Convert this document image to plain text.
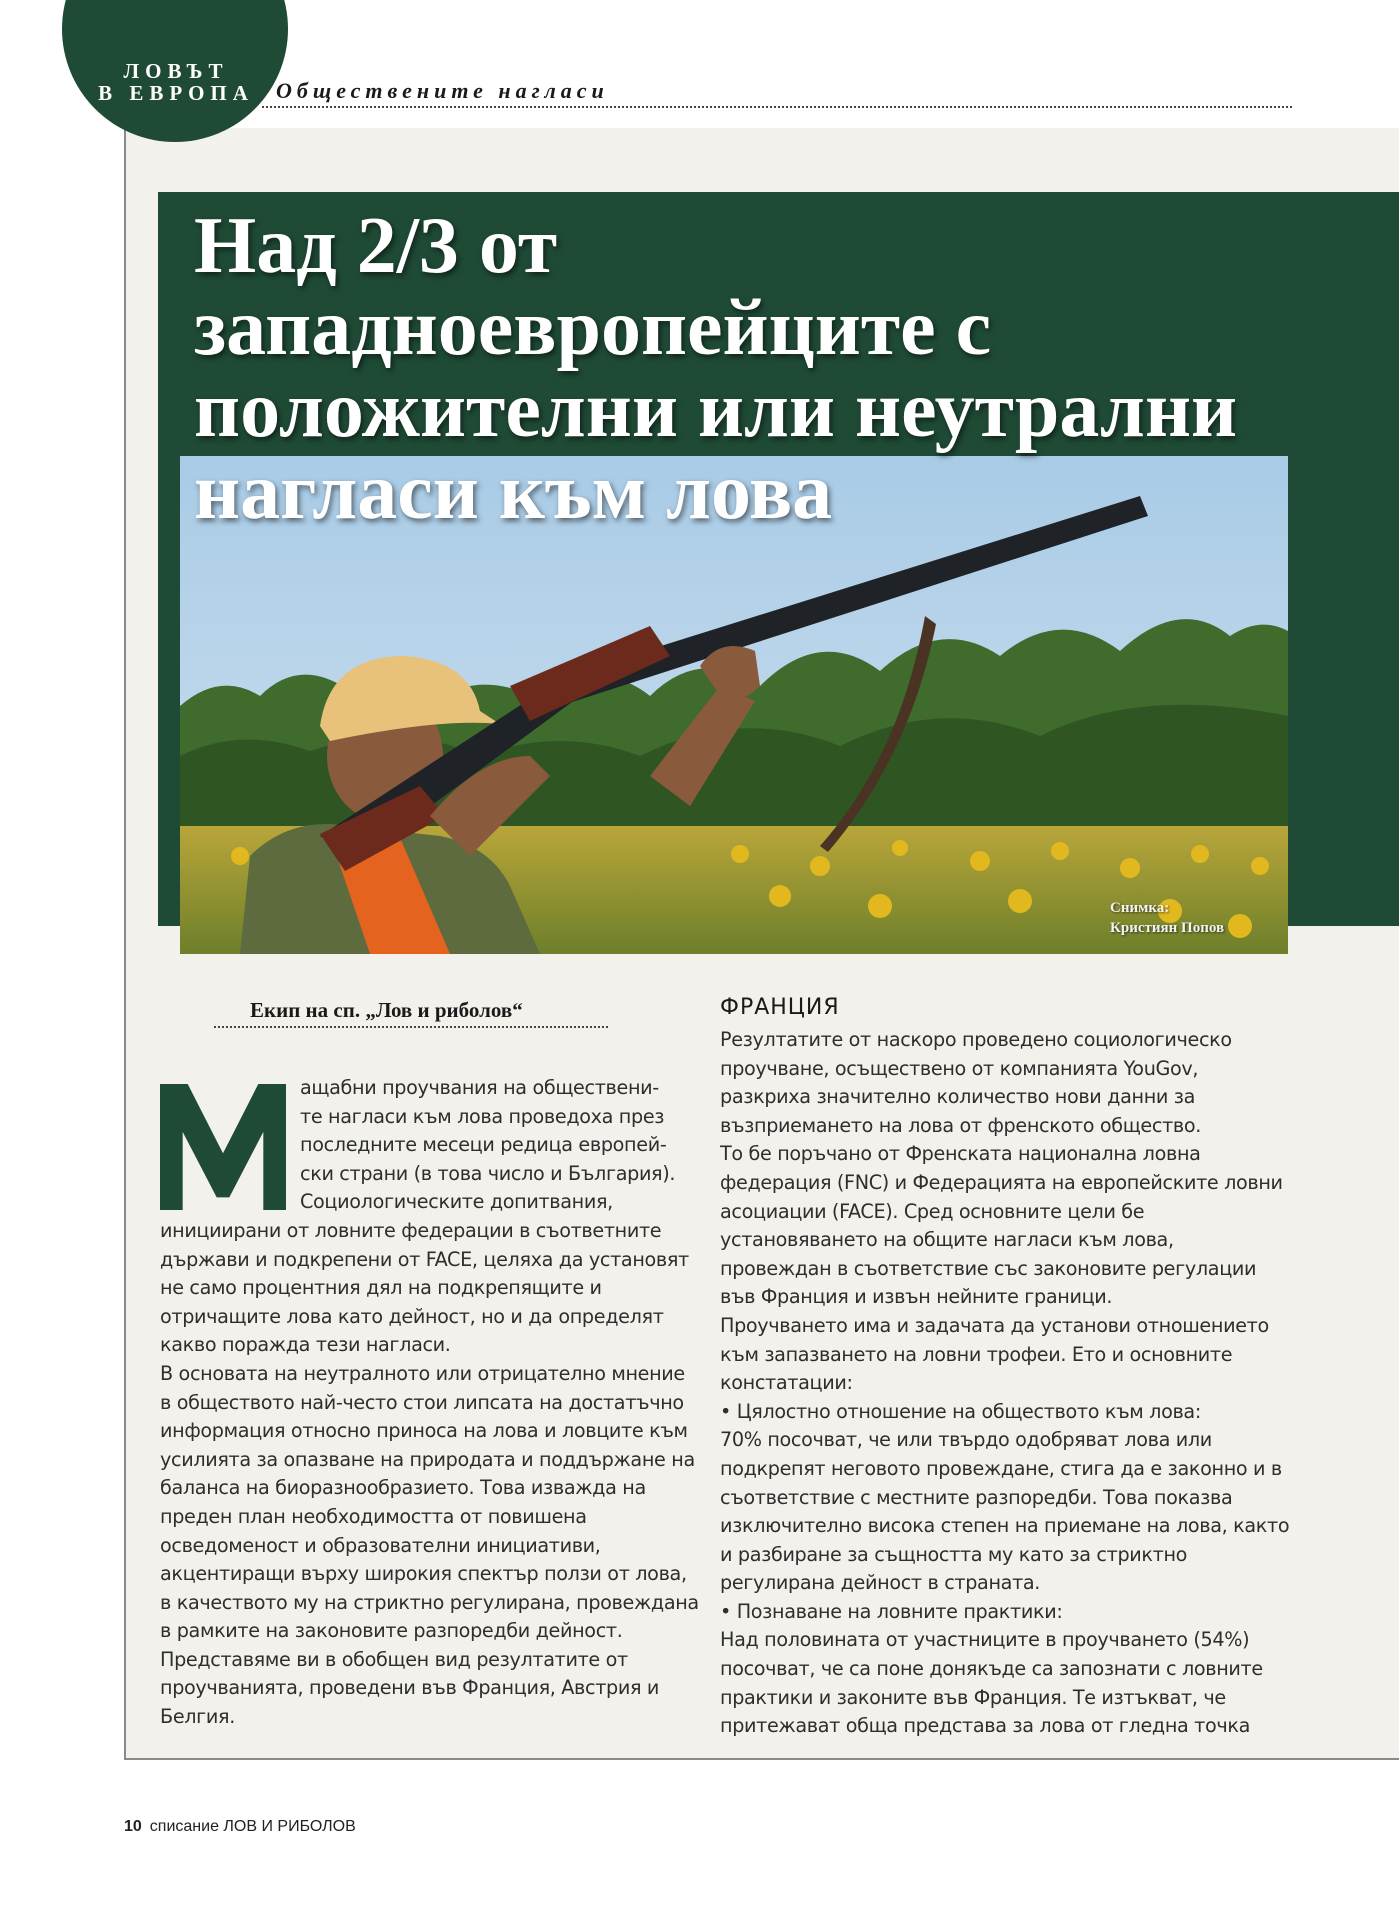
ЛОВЪТ
В ЕВРОПА	Обществените нагласи
Над 2/3 от
западноевропейците с
положителни или неутрални
нагласи към лова
Снимка:
Кристиян Попов
Екип на сп. „Лов и риболов“

ащабни проучвания на обществени-
те нагласи към лова проведоха през
последните месеци редица европей-
ски страни (в това число и България).
Социологическите допитвания, инициирани от ловните федерации в съответните държави и подкрепени от FACE, целяха да установят не само процентния дял на подкрепящите и отричащите лова като дейност, но и да определят какво поражда тези нагласи.

В основата на неутралното или отрицателно мнение в обществото най-често стои липсата на достатъчно информация относно приноса на лова и ловците към усилията за опазване на природата и поддържане на баланса на биоразнообразието. Това изважда на преден план необходимостта от повишена осведоменост и образователни инициативи, акцентиращи върху широкия спектър ползи от лова, в качеството му на стриктно регулирана, провеждана в рамките на законовите разпоредби дейност.

Представяме ви в обобщен вид резултатите от проучванията, проведени във Франция, Австрия и Белгия.

ФРАНЦИЯ

Резултатите от наскоро проведено социологическо проучване, осъществено от компанията YouGov, разкриха значително количество нови данни за възприемането на лова от френското общество.

То бе поръчано от Френската национална ловна федерация (FNC) и Федерацията на европейските ловни асоциации (FACE). Сред основните цели бе установяването на общите нагласи към лова, провеждан в съответствие със законовите регулации във Франция и извън нейните граници.

Проучването има и задачата да установи отношението към запазването на ловни трофеи. Ето и основните констатации:

• Цялостно отношение на обществото към лова:

70% посочват, че или твърдо одобряват лова или подкрепят неговото провеждане, стига да е законно и в съответствие с местните разпоредби. Това показва изключително висока степен на приемане на лова, както и разбиране за същността му като за стриктно регулирана дейност в страната.

• Познаване на ловните практики:

Над половината от участниците в проучването (54%) посочват, че са поне донякъде са запознати с ловните практики и законите във Франция. Те изтъкват, че притежават обща представа за лова от гледна точка

10 списание ЛОВ И РИБОЛОВ
